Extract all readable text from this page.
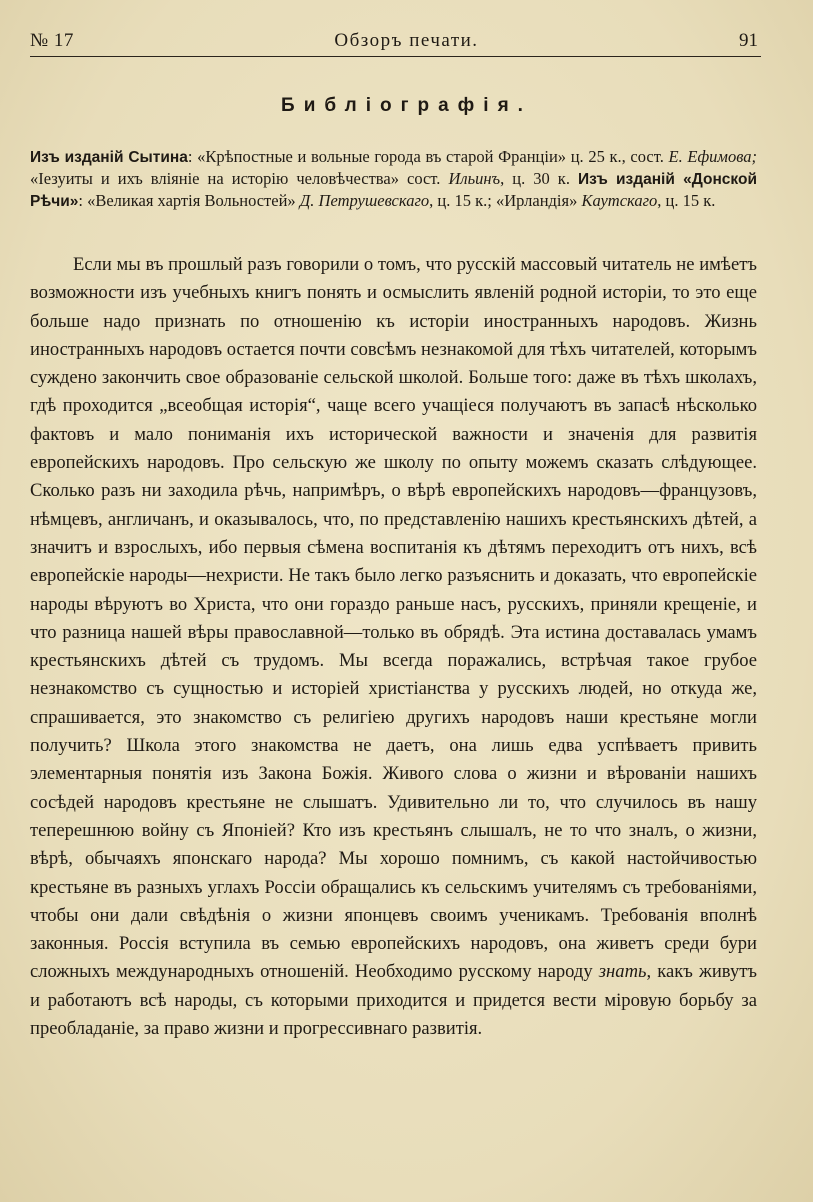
№ 17	Обзоръ печати.	91
Библіографія.
Изъ изданій Сытина: «Крѣпостные и вольные города въ старой Франціи» ц. 25 к., сост. Е. Ефимова; «Іезуиты и ихъ вліяніе на исторію человѣчества» сост. Ильинъ, ц. 30 к. Изъ изданій «Донской Рѣчи»: «Великая хартія Вольностей» Д. Петрушевскаго, ц. 15 к.; «Ирландія» Каутскаго, ц. 15 к.

Если мы въ прошлый разъ говорили о томъ, что русскій массовый читатель не имѣетъ возможности изъ учебныхъ книгъ понять и осмыслить явленій родной исторіи, то это еще больше надо признать по отношенію къ исторіи иностранныхъ народовъ. Жизнь иностранныхъ народовъ остается почти совсѣмъ незнакомой для тѣхъ читателей, которымъ суждено закончить свое образованіе сельской школой. Больше того: даже въ тѣхъ школахъ, гдѣ проходится „всеобщая исторія“, чаще всего учащіеся получаютъ въ запасѣ нѣсколько фактовъ и мало пониманія ихъ исторической важности и значенія для развитія европейскихъ народовъ. Про сельскую же школу по опыту можемъ сказать слѣдующее. Сколько разъ ни заходила рѣчь, напримѣръ, о вѣрѣ европейскихъ народовъ—французовъ, нѣмцевъ, англичанъ, и оказывалось, что, по представленію нашихъ крестьянскихъ дѣтей, а значитъ и взрослыхъ, ибо первыя сѣмена воспитанія къ дѣтямъ переходитъ отъ нихъ, всѣ европейскіе народы—нехристи. Не такъ было легко разъяснить и доказать, что европейскіе народы вѣруютъ во Христа, что они гораздо раньше насъ, русскихъ, приняли крещеніе, и что разница нашей вѣры православной—только въ обрядѣ. Эта истина доставалась умамъ крестьянскихъ дѣтей съ трудомъ. Мы всегда поражались, встрѣчая такое грубое незнакомство съ сущностью и исторіей христіанства у русскихъ людей, но откуда же, спрашивается, это знакомство съ религіею другихъ народовъ наши крестьяне могли получить? Школа этого знакомства не даетъ, она лишь едва успѣваетъ привить элементарныя понятія изъ Закона Божія. Живого слова о жизни и вѣрованіи нашихъ сосѣдей народовъ крестьяне не слышатъ. Удивительно ли то, что случилось въ нашу теперешнюю войну съ Японіей? Кто изъ крестьянъ слышалъ, не то что зналъ, о жизни, вѣрѣ, обычаяхъ японскаго народа? Мы хорошо помнимъ, съ какой настойчивостью крестьяне въ разныхъ углахъ Россіи обращались къ сельскимъ учителямъ съ требованіями, чтобы они дали свѣдѣнія о жизни японцевъ своимъ ученикамъ. Требованія вполнѣ законныя. Россія вступила въ семью европейскихъ народовъ, она живетъ среди бури сложныхъ международныхъ отношеній. Необходимо русскому народу знать, какъ живутъ и работаютъ всѣ народы, съ которыми приходится и придется вести міровую борьбу за преобладаніе, за право жизни и прогрессивнаго развитія.
